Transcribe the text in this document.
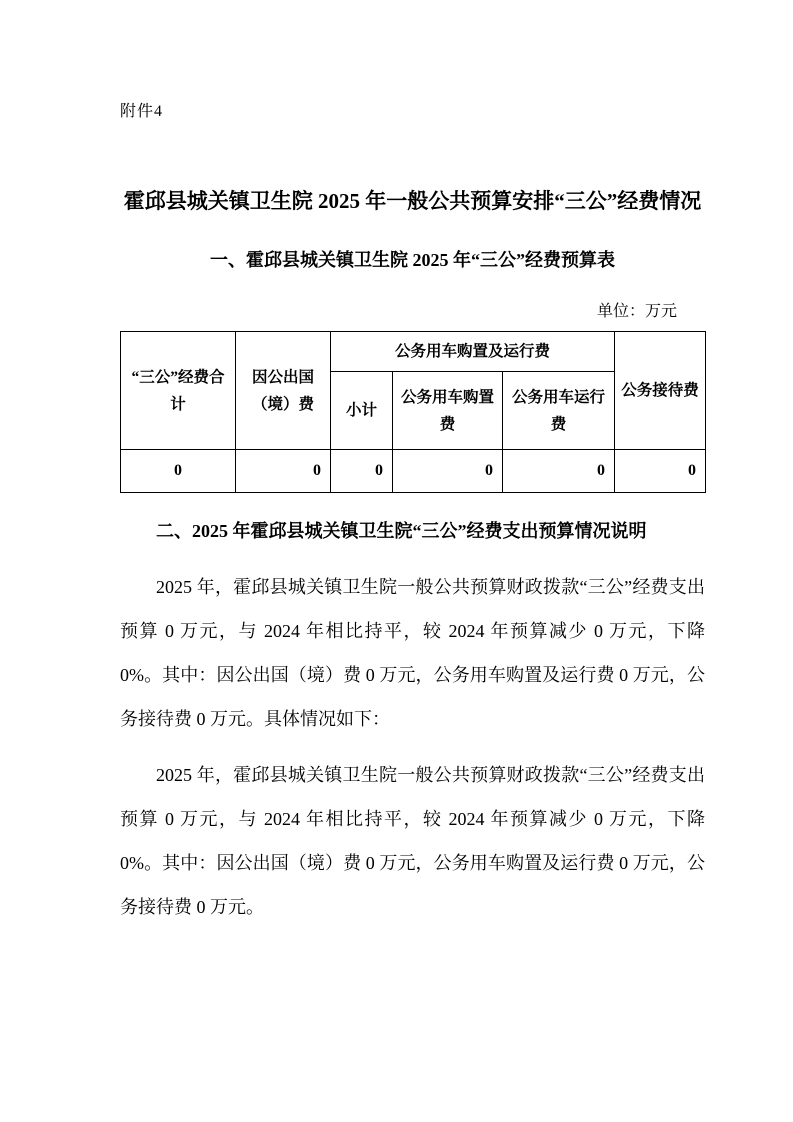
附件4
霍邱县城关镇卫生院 2025 年一般公共预算安排“三公”经费情况
一、霍邱县城关镇卫生院 2025 年“三公”经费预算表
单位：万元
“三公”经费合计	因公出国（境）费	公务用车购置及运行费			公务接待费
		小计	公务用车购置费	公务用车运行费	
0	0	0	0	0	0
二、2025 年霍邱县城关镇卫生院“三公”经费支出预算情况说明

2025 年，霍邱县城关镇卫生院一般公共预算财政拨款“三公”经费支出预算 0 万元，与 2024 年相比持平，较 2024 年预算减少 0 万元，下降 0%。其中：因公出国（境）费 0 万元，公务用车购置及运行费 0 万元，公务接待费 0 万元。具体情况如下：

2025 年，霍邱县城关镇卫生院一般公共预算财政拨款“三公”经费支出预算 0 万元，与 2024 年相比持平，较 2024 年预算减少 0 万元，下降 0%。其中：因公出国（境）费 0 万元，公务用车购置及运行费 0 万元，公务接待费 0 万元。
